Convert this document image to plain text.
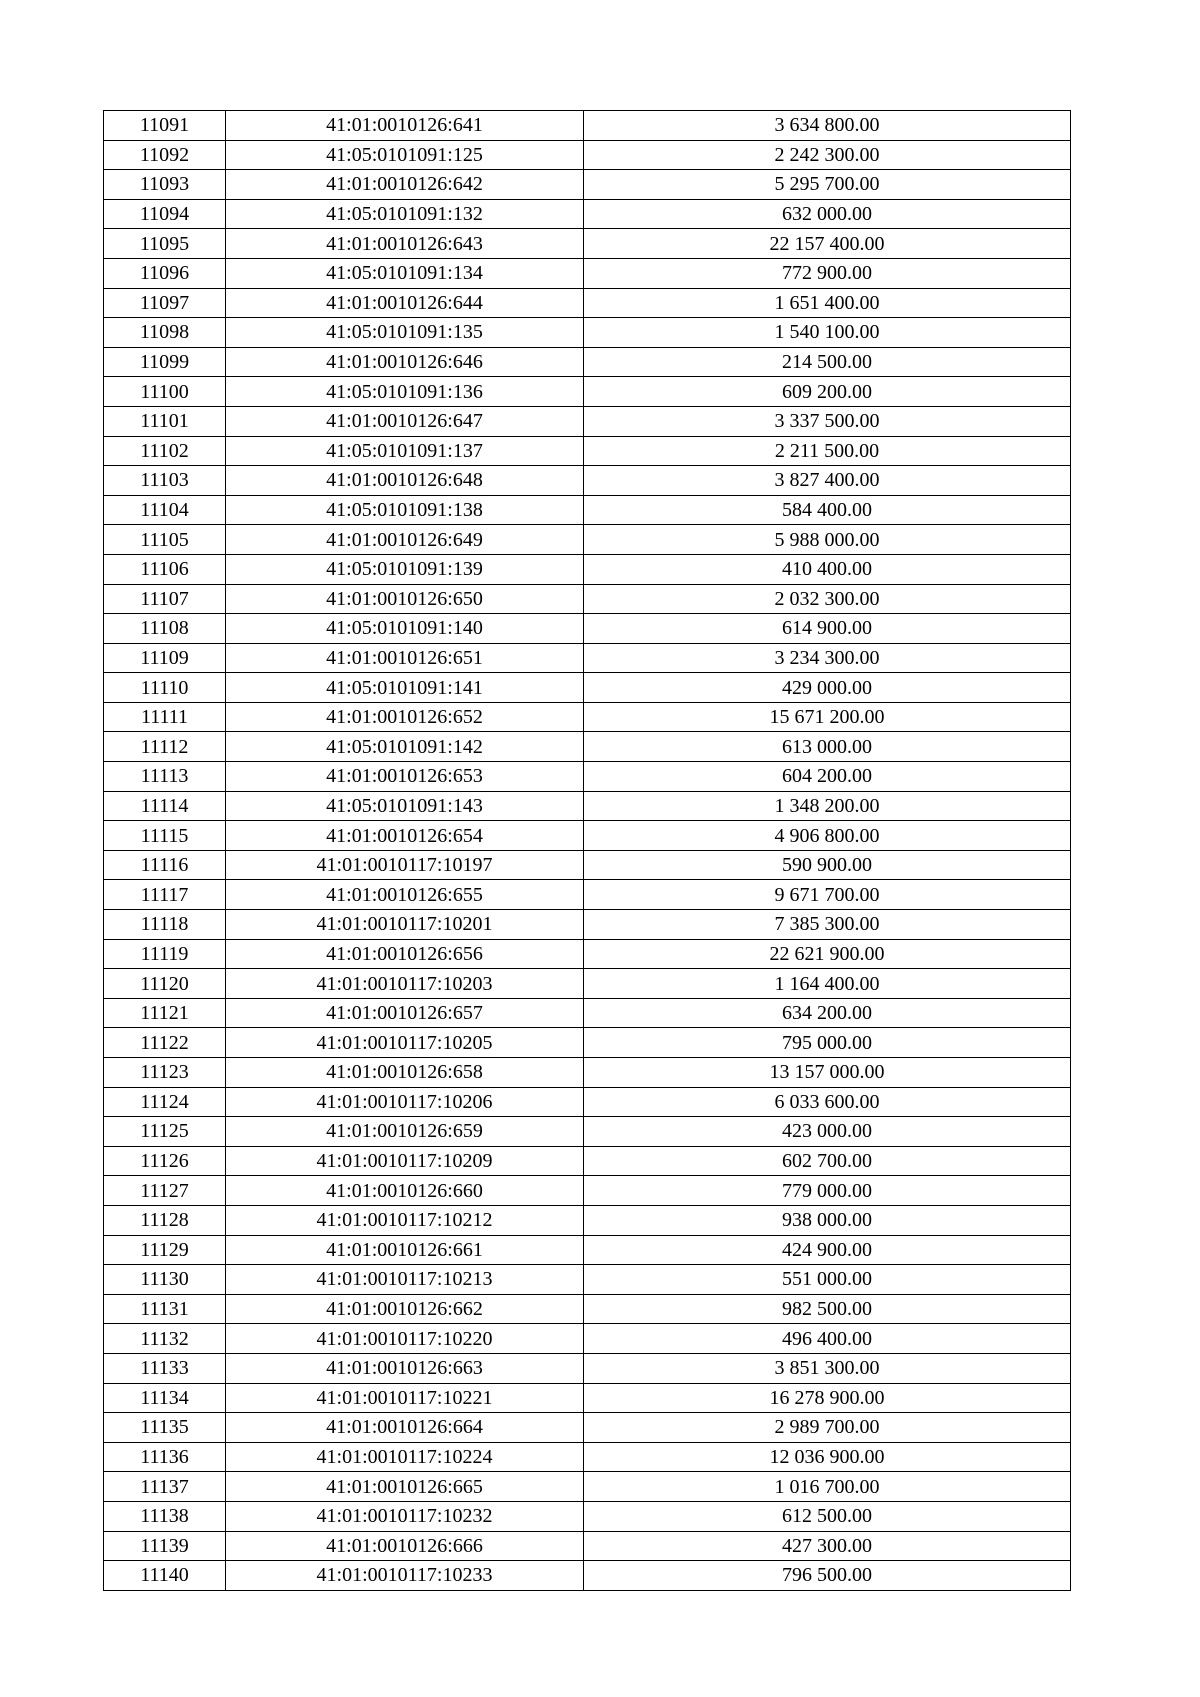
11091	41:01:0010126:641	3 634 800.00
11092	41:05:0101091:125	2 242 300.00
11093	41:01:0010126:642	5 295 700.00
11094	41:05:0101091:132	632 000.00
11095	41:01:0010126:643	22 157 400.00
11096	41:05:0101091:134	772 900.00
11097	41:01:0010126:644	1 651 400.00
11098	41:05:0101091:135	1 540 100.00
11099	41:01:0010126:646	214 500.00
11100	41:05:0101091:136	609 200.00
11101	41:01:0010126:647	3 337 500.00
11102	41:05:0101091:137	2 211 500.00
11103	41:01:0010126:648	3 827 400.00
11104	41:05:0101091:138	584 400.00
11105	41:01:0010126:649	5 988 000.00
11106	41:05:0101091:139	410 400.00
11107	41:01:0010126:650	2 032 300.00
11108	41:05:0101091:140	614 900.00
11109	41:01:0010126:651	3 234 300.00
11110	41:05:0101091:141	429 000.00
11111	41:01:0010126:652	15 671 200.00
11112	41:05:0101091:142	613 000.00
11113	41:01:0010126:653	604 200.00
11114	41:05:0101091:143	1 348 200.00
11115	41:01:0010126:654	4 906 800.00
11116	41:01:0010117:10197	590 900.00
11117	41:01:0010126:655	9 671 700.00
11118	41:01:0010117:10201	7 385 300.00
11119	41:01:0010126:656	22 621 900.00
11120	41:01:0010117:10203	1 164 400.00
11121	41:01:0010126:657	634 200.00
11122	41:01:0010117:10205	795 000.00
11123	41:01:0010126:658	13 157 000.00
11124	41:01:0010117:10206	6 033 600.00
11125	41:01:0010126:659	423 000.00
11126	41:01:0010117:10209	602 700.00
11127	41:01:0010126:660	779 000.00
11128	41:01:0010117:10212	938 000.00
11129	41:01:0010126:661	424 900.00
11130	41:01:0010117:10213	551 000.00
11131	41:01:0010126:662	982 500.00
11132	41:01:0010117:10220	496 400.00
11133	41:01:0010126:663	3 851 300.00
11134	41:01:0010117:10221	16 278 900.00
11135	41:01:0010126:664	2 989 700.00
11136	41:01:0010117:10224	12 036 900.00
11137	41:01:0010126:665	1 016 700.00
11138	41:01:0010117:10232	612 500.00
11139	41:01:0010126:666	427 300.00
11140	41:01:0010117:10233	796 500.00
